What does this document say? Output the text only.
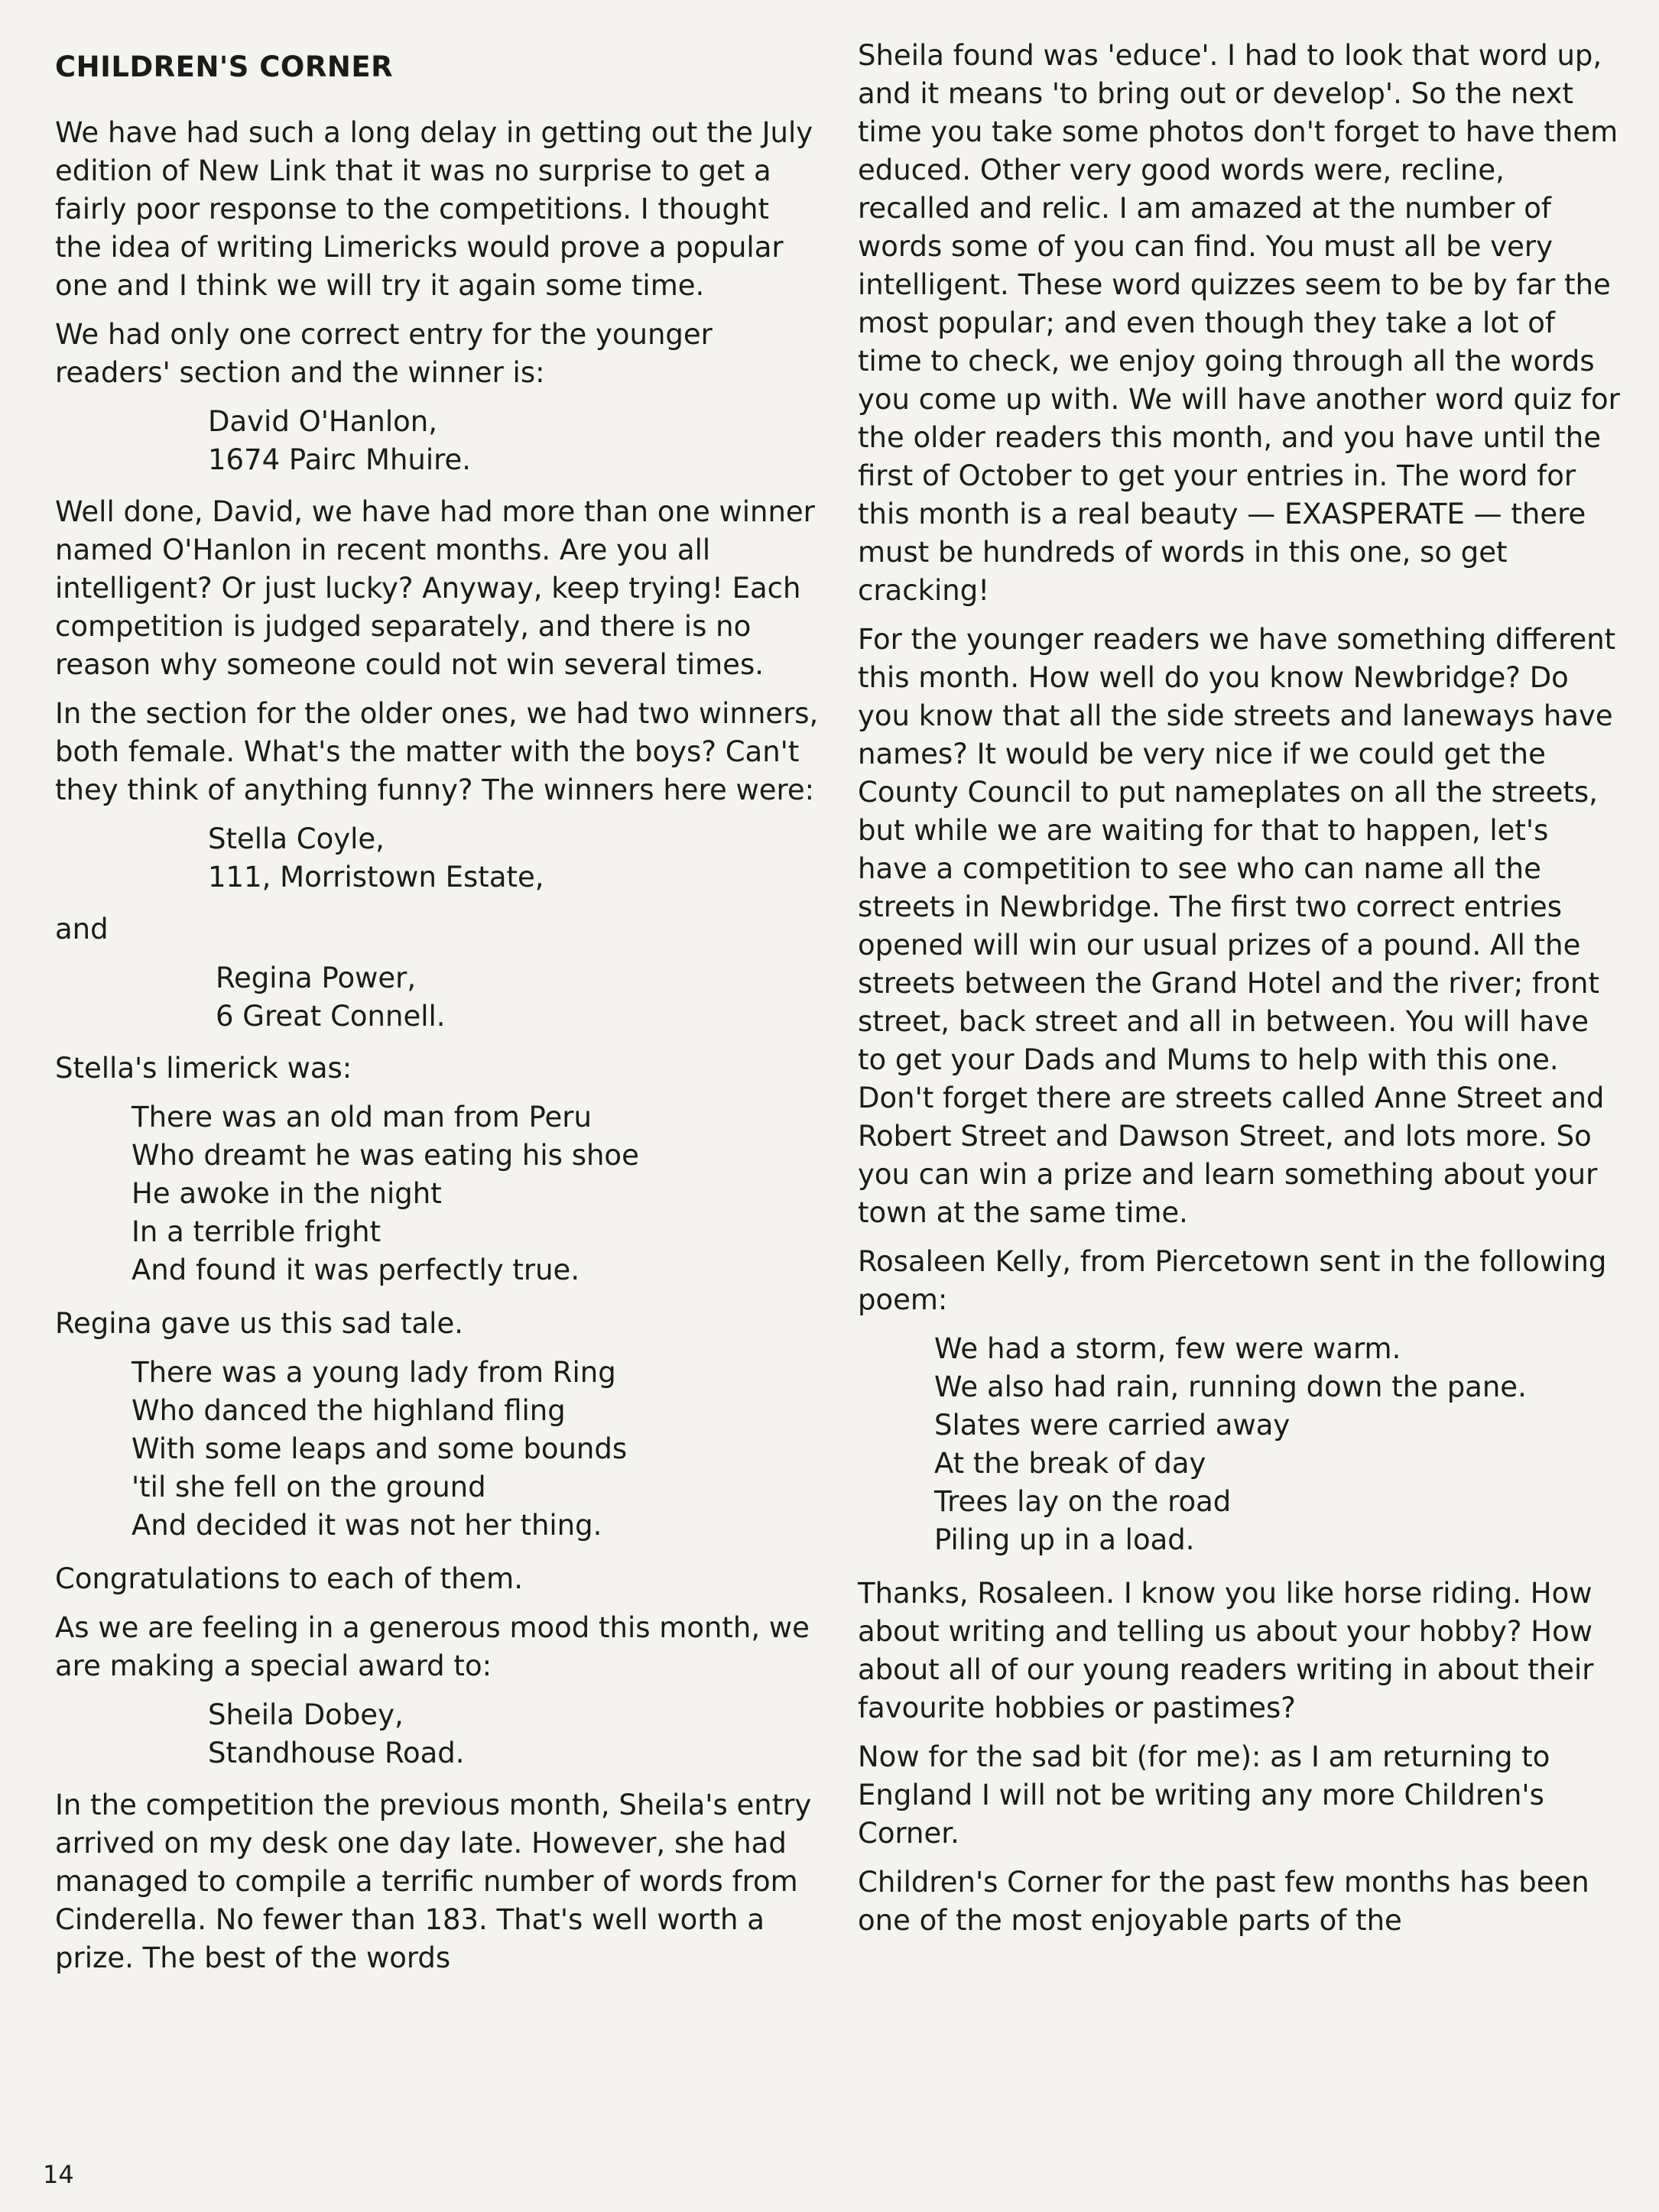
CHILDREN'S CORNER

We have had such a long delay in getting out the July edition of New Link that it was no surprise to get a fairly poor response to the competitions. I thought the idea of writing Limericks would prove a popular one and I think we will try it again some time.

We had only one correct entry for the younger readers' section and the winner is:

David O'Hanlon,
1674 Pairc Mhuire.

Well done, David, we have had more than one winner named O'Hanlon in recent months. Are you all intelligent? Or just lucky? Anyway, keep trying! Each competition is judged separately, and there is no reason why someone could not win several times.

In the section for the older ones, we had two winners, both female. What's the matter with the boys? Can't they think of anything funny? The winners here were:

Stella Coyle,
111, Morristown Estate,
and
Regina Power,
6 Great Connell.

Stella's limerick was:

There was an old man from Peru
Who dreamt he was eating his shoe
He awoke in the night
In a terrible fright
And found it was perfectly true.

Regina gave us this sad tale.

There was a young lady from Ring
Who danced the highland fling
With some leaps and some bounds
'til she fell on the ground
And decided it was not her thing.

Congratulations to each of them.

As we are feeling in a generous mood this month, we are making a special award to:

Sheila Dobey,
Standhouse Road.

In the competition the previous month, Sheila's entry arrived on my desk one day late. However, she had managed to compile a terrific number of words from Cinderella. No fewer than 183. That's well worth a prize. The best of the words

Sheila found was 'educe'. I had to look that word up, and it means 'to bring out or develop'. So the next time you take some photos don't forget to have them educed. Other very good words were, recline, recalled and relic. I am amazed at the number of words some of you can find. You must all be very intelligent. These word quizzes seem to be by far the most popular; and even though they take a lot of time to check, we enjoy going through all the words you come up with. We will have another word quiz for the older readers this month, and you have until the first of October to get your entries in. The word for this month is a real beauty — EXASPERATE — there must be hundreds of words in this one, so get cracking!

For the younger readers we have something different this month. How well do you know Newbridge? Do you know that all the side streets and laneways have names? It would be very nice if we could get the County Council to put nameplates on all the streets, but while we are waiting for that to happen, let's have a competition to see who can name all the streets in Newbridge. The first two correct entries opened will win our usual prizes of a pound. All the streets between the Grand Hotel and the river; front street, back street and all in between. You will have to get your Dads and Mums to help with this one. Don't forget there are streets called Anne Street and Robert Street and Dawson Street, and lots more. So you can win a prize and learn something about your town at the same time.

Rosaleen Kelly, from Piercetown sent in the following poem:

We had a storm, few were warm.
We also had rain, running down the pane.
Slates were carried away
At the break of day
Trees lay on the road
Piling up in a load.

Thanks, Rosaleen. I know you like horse riding. How about writing and telling us about your hobby? How about all of our young readers writing in about their favourite hobbies or pastimes?

Now for the sad bit (for me): as I am returning to England I will not be writing any more Children's Corner.

Children's Corner for the past few months has been one of the most enjoyable parts of the

14
